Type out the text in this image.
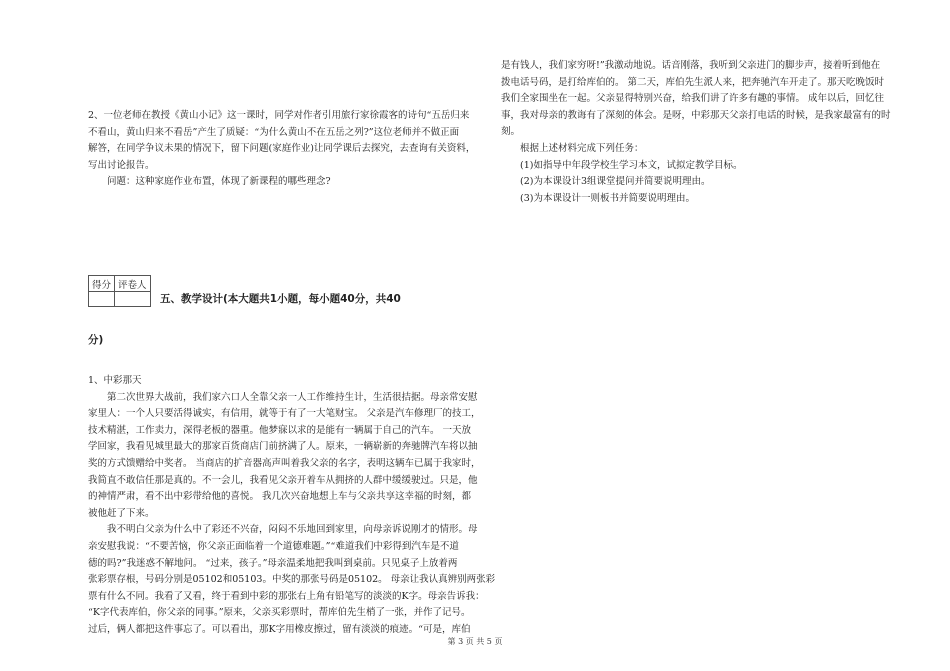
2、一位老师在教授《黄山小记》这一课时，同学对作者引用旅行家徐霞客的诗句“五岳归来

不看山，黄山归来不看岳”产生了质疑：“为什么黄山不在五岳之列?”这位老师并不做正面

解答，在同学争议未果的情况下，留下问题(家庭作业)让同学课后去探究，去查询有关资料，

写出讨论报告。

问题：这种家庭作业布置，体现了新课程的哪些理念?

得分	评卷人

五、教学设计(本大题共1小题，每小题40分，共40
分)

1、中彩那天

第二次世界大战前，我们家六口人全靠父亲一人工作维持生计，生活很拮据。母亲常安慰

家里人：一个人只要活得诚实，有信用，就等于有了一大笔财宝。 父亲是汽车修理厂的技工，

技术精湛，工作卖力，深得老板的器重。他梦寐以求的是能有一辆属于自己的汽车。 一天放

学回家，我看见城里最大的那家百货商店门前挤满了人。原来，一辆崭新的奔驰牌汽车将以抽

奖的方式馈赠给中奖者。 当商店的扩音器高声叫着我父亲的名字，表明这辆车已属于我家时，

我简直不敢信任那是真的。不一会儿，我看见父亲开着车从拥挤的人群中缓缓驶过。只是，他

的神情严肃，看不出中彩带给他的喜悦。 我几次兴奋地想上车与父亲共享这幸福的时刻，都

被他赶了下来。

我不明白父亲为什么中了彩还不兴奋，闷闷不乐地回到家里，向母亲诉说刚才的情形。母

亲安慰我说：“不要苦恼，你父亲正面临着一个道德难题。”“难道我们中彩得到汽车是不道

德的吗?”我迷惑不解地问。 “过来，孩子。”母亲温柔地把我叫到桌前。只见桌子上放着两

张彩票存根，号码分别是05102和05103。中奖的那张号码是05102。 母亲让我认真辨别两张彩

票有什么不同。我看了又看，终于看到中彩的那张右上角有铅笔写的淡淡的K字。母亲告诉我：

“K字代表库伯，你父亲的同事。”原来，父亲买彩票时，帮库伯先生梢了一张，并作了记号。

过后，俩人都把这件事忘了。可以看出，那K字用橡皮擦过，留有淡淡的痕迹。“可是，库伯

是有钱人，我们家穷呀!”我激动地说。话音刚落，我听到父亲进门的脚步声，接着听到他在

拨电话号码，是打给库伯的。 第二天，库伯先生派人来，把奔驰汽车开走了。那天吃晚饭时

我们全家围坐在一起。父亲显得特别兴奋，给我们讲了许多有趣的事情。 成年以后，回忆往

事，我对母亲的教诲有了深刻的体会。是呀，中彩那天父亲打电话的时候，是我家最富有的时

刻。

根据上述材料完成下列任务：

(1)如指导中年段学校生学习本文，试拟定教学目标。

(2)为本课设计3组课堂提问并简要说明理由。

(3)为本课设计一则板书并简要说明理由。

第 3 页 共 5 页
